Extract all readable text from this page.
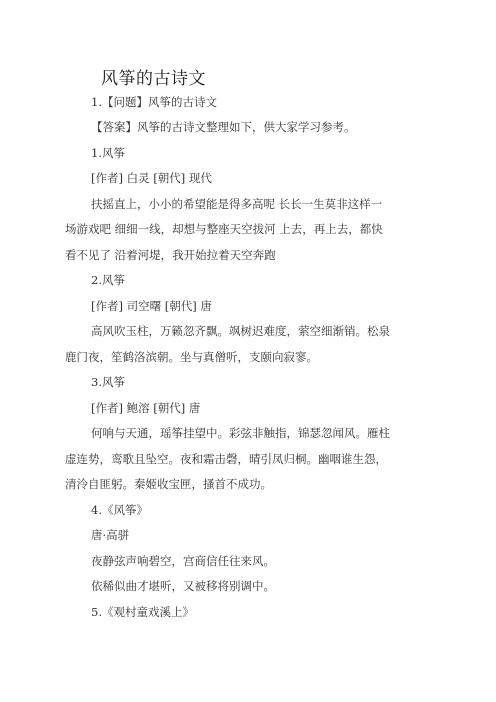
风筝的古诗文
1.【问题】风筝的古诗文
【答案】风筝的古诗文整理如下，供大家学习参考。
1.风筝
[作者] 白灵 [朝代] 现代
扶摇直上，小小的希望能是得多高呢 长长一生莫非这样一
场游戏吧 细细一线，却想与整座天空拔河 上去，再上去，都快
看不见了 沿着河堤，我开始拉着天空奔跑
2.风筝
[作者] 司空曙 [朝代] 唐
高风吹玉柱，万籁忽齐飘。飒树迟难度，萦空细渐销。松泉
鹿门夜，笙鹤洛滨朝。坐与真僧听，支颐向寂寥。
3.风筝
[作者] 鲍溶 [朝代] 唐
何响与天通，瑶筝挂望中。彩弦非触指，锦瑟忽闻风。雁柱
虚连势，鸾歌且坠空。夜和霜击磬，晴引凤归桐。幽咽谁生怨，
清泠自匪躬。秦姬收宝匣，搔首不成功。
4.《风筝》
唐·高骈
夜静弦声响碧空，宫商信任往来风。
依稀似曲才堪听，又被移将别调中。
5.《观村童戏溪上》
